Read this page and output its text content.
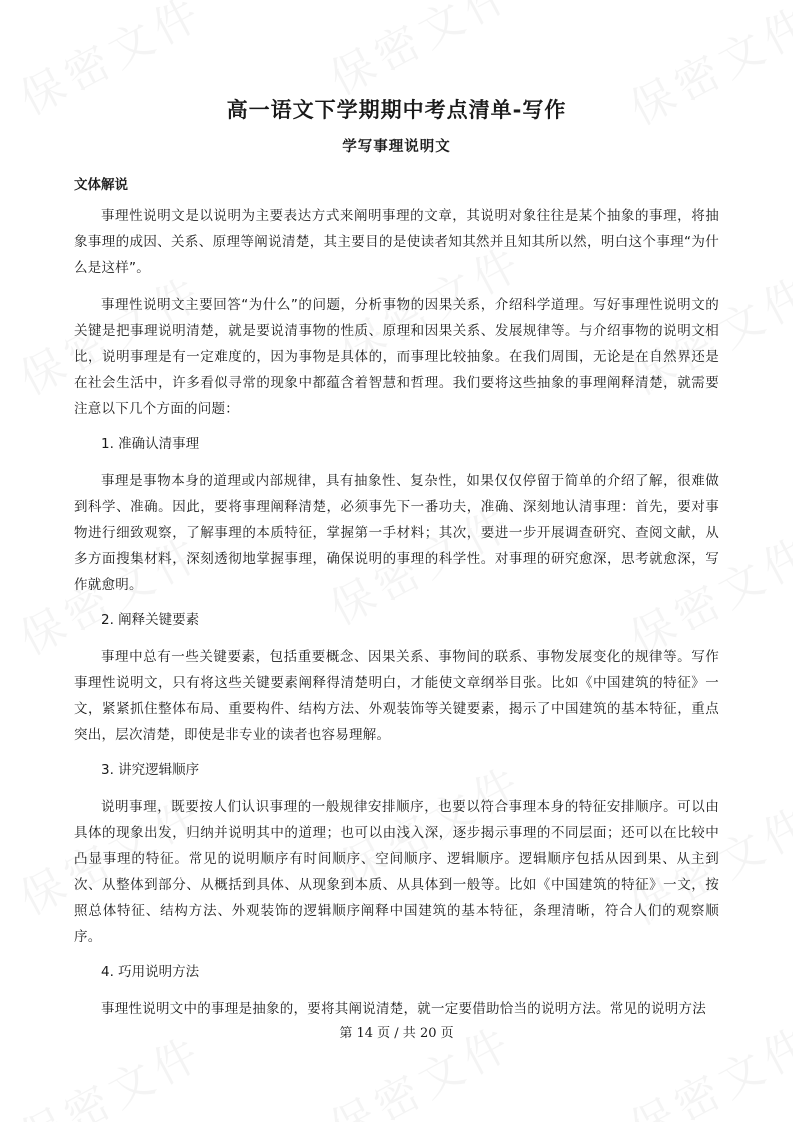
高一语文下学期期中考点清单-写作
学写事理说明文
文体解说

事理性说明文是以说明为主要表达方式来阐明事理的文章，其说明对象往往是某个抽象的事理，将抽象事理的成因、关系、原理等阐说清楚，其主要目的是使读者知其然并且知其所以然，明白这个事理“为什么是这样”。

事理性说明文主要回答“为什么”的问题，分析事物的因果关系，介绍科学道理。写好事理性说明文的关键是把事理说明清楚，就是要说清事物的性质、原理和因果关系、发展规律等。与介绍事物的说明文相比，说明事理是有一定难度的，因为事物是具体的，而事理比较抽象。在我们周围，无论是在自然界还是在社会生活中，许多看似寻常的现象中都蕴含着智慧和哲理。我们要将这些抽象的事理阐释清楚，就需要注意以下几个方面的问题：

1. 准确认清事理

事理是事物本身的道理或内部规律，具有抽象性、复杂性，如果仅仅停留于简单的介绍了解，很难做到科学、准确。因此，要将事理阐释清楚，必须事先下一番功夫，准确、深刻地认清事理：首先，要对事物进行细致观察，了解事理的本质特征，掌握第一手材料；其次，要进一步开展调查研究、查阅文献，从多方面搜集材料，深刻透彻地掌握事理，确保说明的事理的科学性。对事理的研究愈深，思考就愈深，写作就愈明。

2. 阐释关键要素

事理中总有一些关键要素，包括重要概念、因果关系、事物间的联系、事物发展变化的规律等。写作事理性说明文，只有将这些关键要素阐释得清楚明白，才能使文章纲举目张。比如《中国建筑的特征》一文，紧紧抓住整体布局、重要构件、结构方法、外观装饰等关键要素，揭示了中国建筑的基本特征，重点突出，层次清楚，即使是非专业的读者也容易理解。

3. 讲究逻辑顺序

说明事理，既要按人们认识事理的一般规律安排顺序，也要以符合事理本身的特征安排顺序。可以由具体的现象出发，归纳并说明其中的道理；也可以由浅入深，逐步揭示事理的不同层面；还可以在比较中凸显事理的特征。常见的说明顺序有时间顺序、空间顺序、逻辑顺序。逻辑顺序包括从因到果、从主到次、从整体到部分、从概括到具体、从现象到本质、从具体到一般等。比如《中国建筑的特征》一文，按照总体特征、结构方法、外观装饰的逻辑顺序阐释中国建筑的基本特征，条理清晰，符合人们的观察顺序。

4. 巧用说明方法

事理性说明文中的事理是抽象的，要将其阐说清楚，就一定要借助恰当的说明方法。常见的说明方法

第 14 页 / 共 20 页
